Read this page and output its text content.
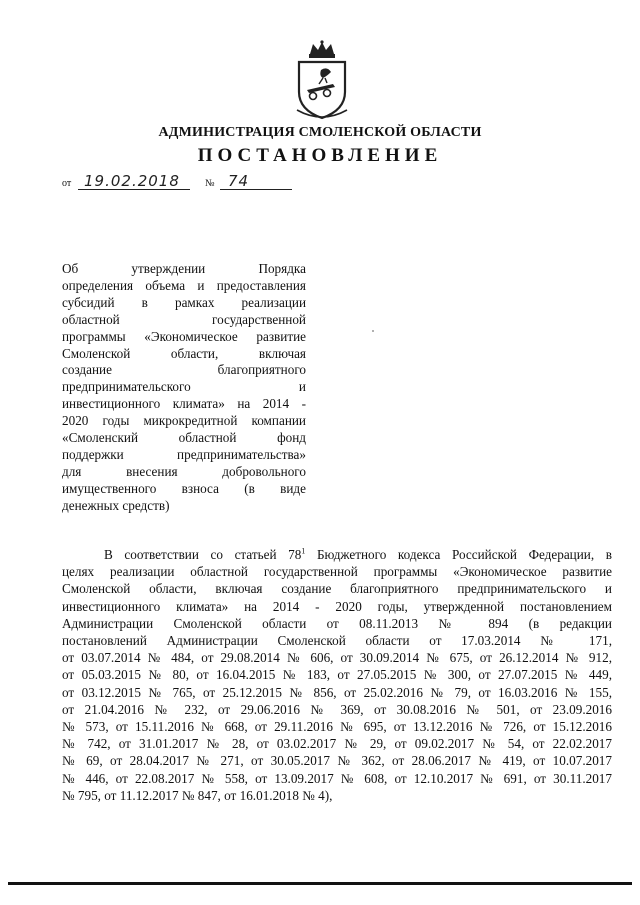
АДМИНИСТРАЦИЯ СМОЛЕНСКОЙ ОБЛАСТИ
ПОСТАНОВЛЕНИЕ
от 19.02.2018	№ 74
Об утверждении Порядка
определения объема и предоставления
субсидий в рамках реализации
областной государственной
программы «Экономическое развитие
Смоленской области, включая
создание благоприятного
предпринимательского и
инвестиционного климата» на 2014 -
2020 годы микрокредитной компании
«Смоленский областной фонд
поддержки предпринимательства»
для внесения добровольного
имущественного взноса (в виде
денежных средств)
В соответствии со статьей $78^1$ Бюджетного кодекса Российской Федерации, в
целях реализации областной государственной программы «Экономическое развитие
Смоленской области, включая создание благоприятного предпринимательского и
инвестиционного климата» на 2014 - 2020 годы, утвержденной постановлением
Администрации Смоленской области от 08.11.2013 № 894 (в редакции
постановлений Администрации Смоленской области от 17.03.2014 № 171,
от 03.07.2014 № 484, от 29.08.2014 № 606, от 30.09.2014 № 675, от 26.12.2014 № 912,
от 05.03.2015 № 80, от 16.04.2015 № 183, от 27.05.2015 № 300, от 27.07.2015 № 449,
от 03.12.2015 № 765, от 25.12.2015 № 856, от 25.02.2016 № 79, от 16.03.2016 № 155,
от 21.04.2016 № 232, от 29.06.2016 № 369, от 30.08.2016 № 501, от 23.09.2016
№ 573, от 15.11.2016 № 668, от 29.11.2016 № 695, от 13.12.2016 № 726, от 15.12.2016
№ 742, от 31.01.2017 № 28, от 03.02.2017 № 29, от 09.02.2017 № 54, от 22.02.2017
№ 69, от 28.04.2017 № 271, от 30.05.2017 № 362, от 28.06.2017 № 419, от 10.07.2017
№ 446, от 22.08.2017 № 558, от 13.09.2017 № 608, от 12.10.2017 № 691, от 30.11.2017
№ 795, от 11.12.2017 № 847, от 16.01.2018 № 4),
